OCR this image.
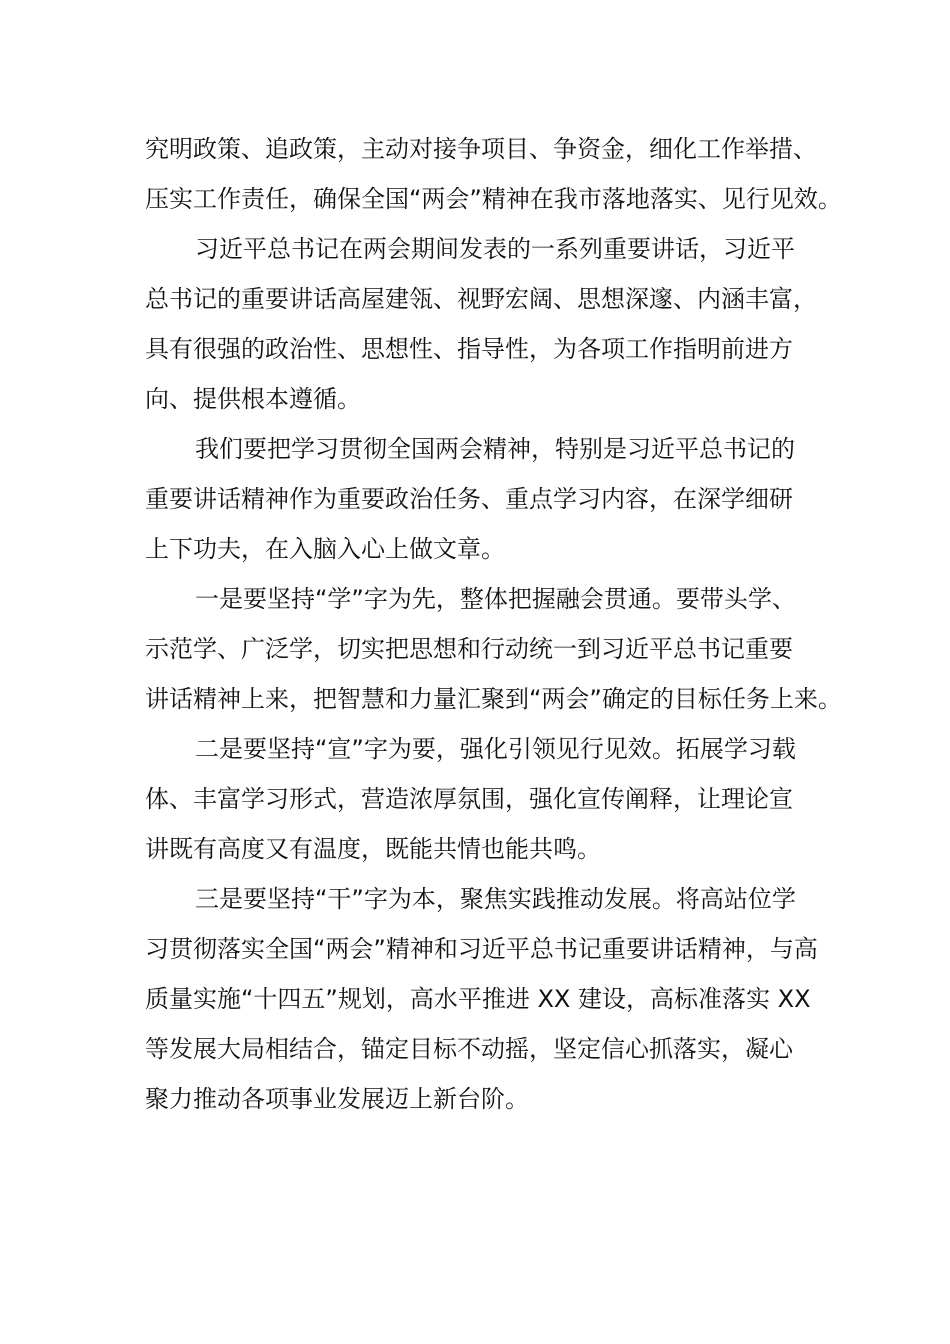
究明政策、追政策，主动对接争项目、争资金，细化工作举措、
压实工作责任，确保全国“两会”精神在我市落地落实、见行见效。

习近平总书记在两会期间发表的一系列重要讲话，习近平
总书记的重要讲话高屋建瓴、视野宏阔、思想深邃、内涵丰富，
具有很强的政治性、思想性、指导性，为各项工作指明前进方
向、提供根本遵循。

我们要把学习贯彻全国两会精神，特别是习近平总书记的
重要讲话精神作为重要政治任务、重点学习内容，在深学细研
上下功夫，在入脑入心上做文章。

一是要坚持“学”字为先，整体把握融会贯通。要带头学、
示范学、广泛学，切实把思想和行动统一到习近平总书记重要
讲话精神上来，把智慧和力量汇聚到“两会”确定的目标任务上来。

二是要坚持“宣”字为要，强化引领见行见效。拓展学习载
体、丰富学习形式，营造浓厚氛围，强化宣传阐释，让理论宣
讲既有高度又有温度，既能共情也能共鸣。

三是要坚持“干”字为本，聚焦实践推动发展。将高站位学
习贯彻落实全国“两会”精神和习近平总书记重要讲话精神，与高
质量实施“十四五”规划，高水平推进 XX 建设，高标准落实 XX
等发展大局相结合，锚定目标不动摇，坚定信心抓落实，凝心
聚力推动各项事业发展迈上新台阶。
